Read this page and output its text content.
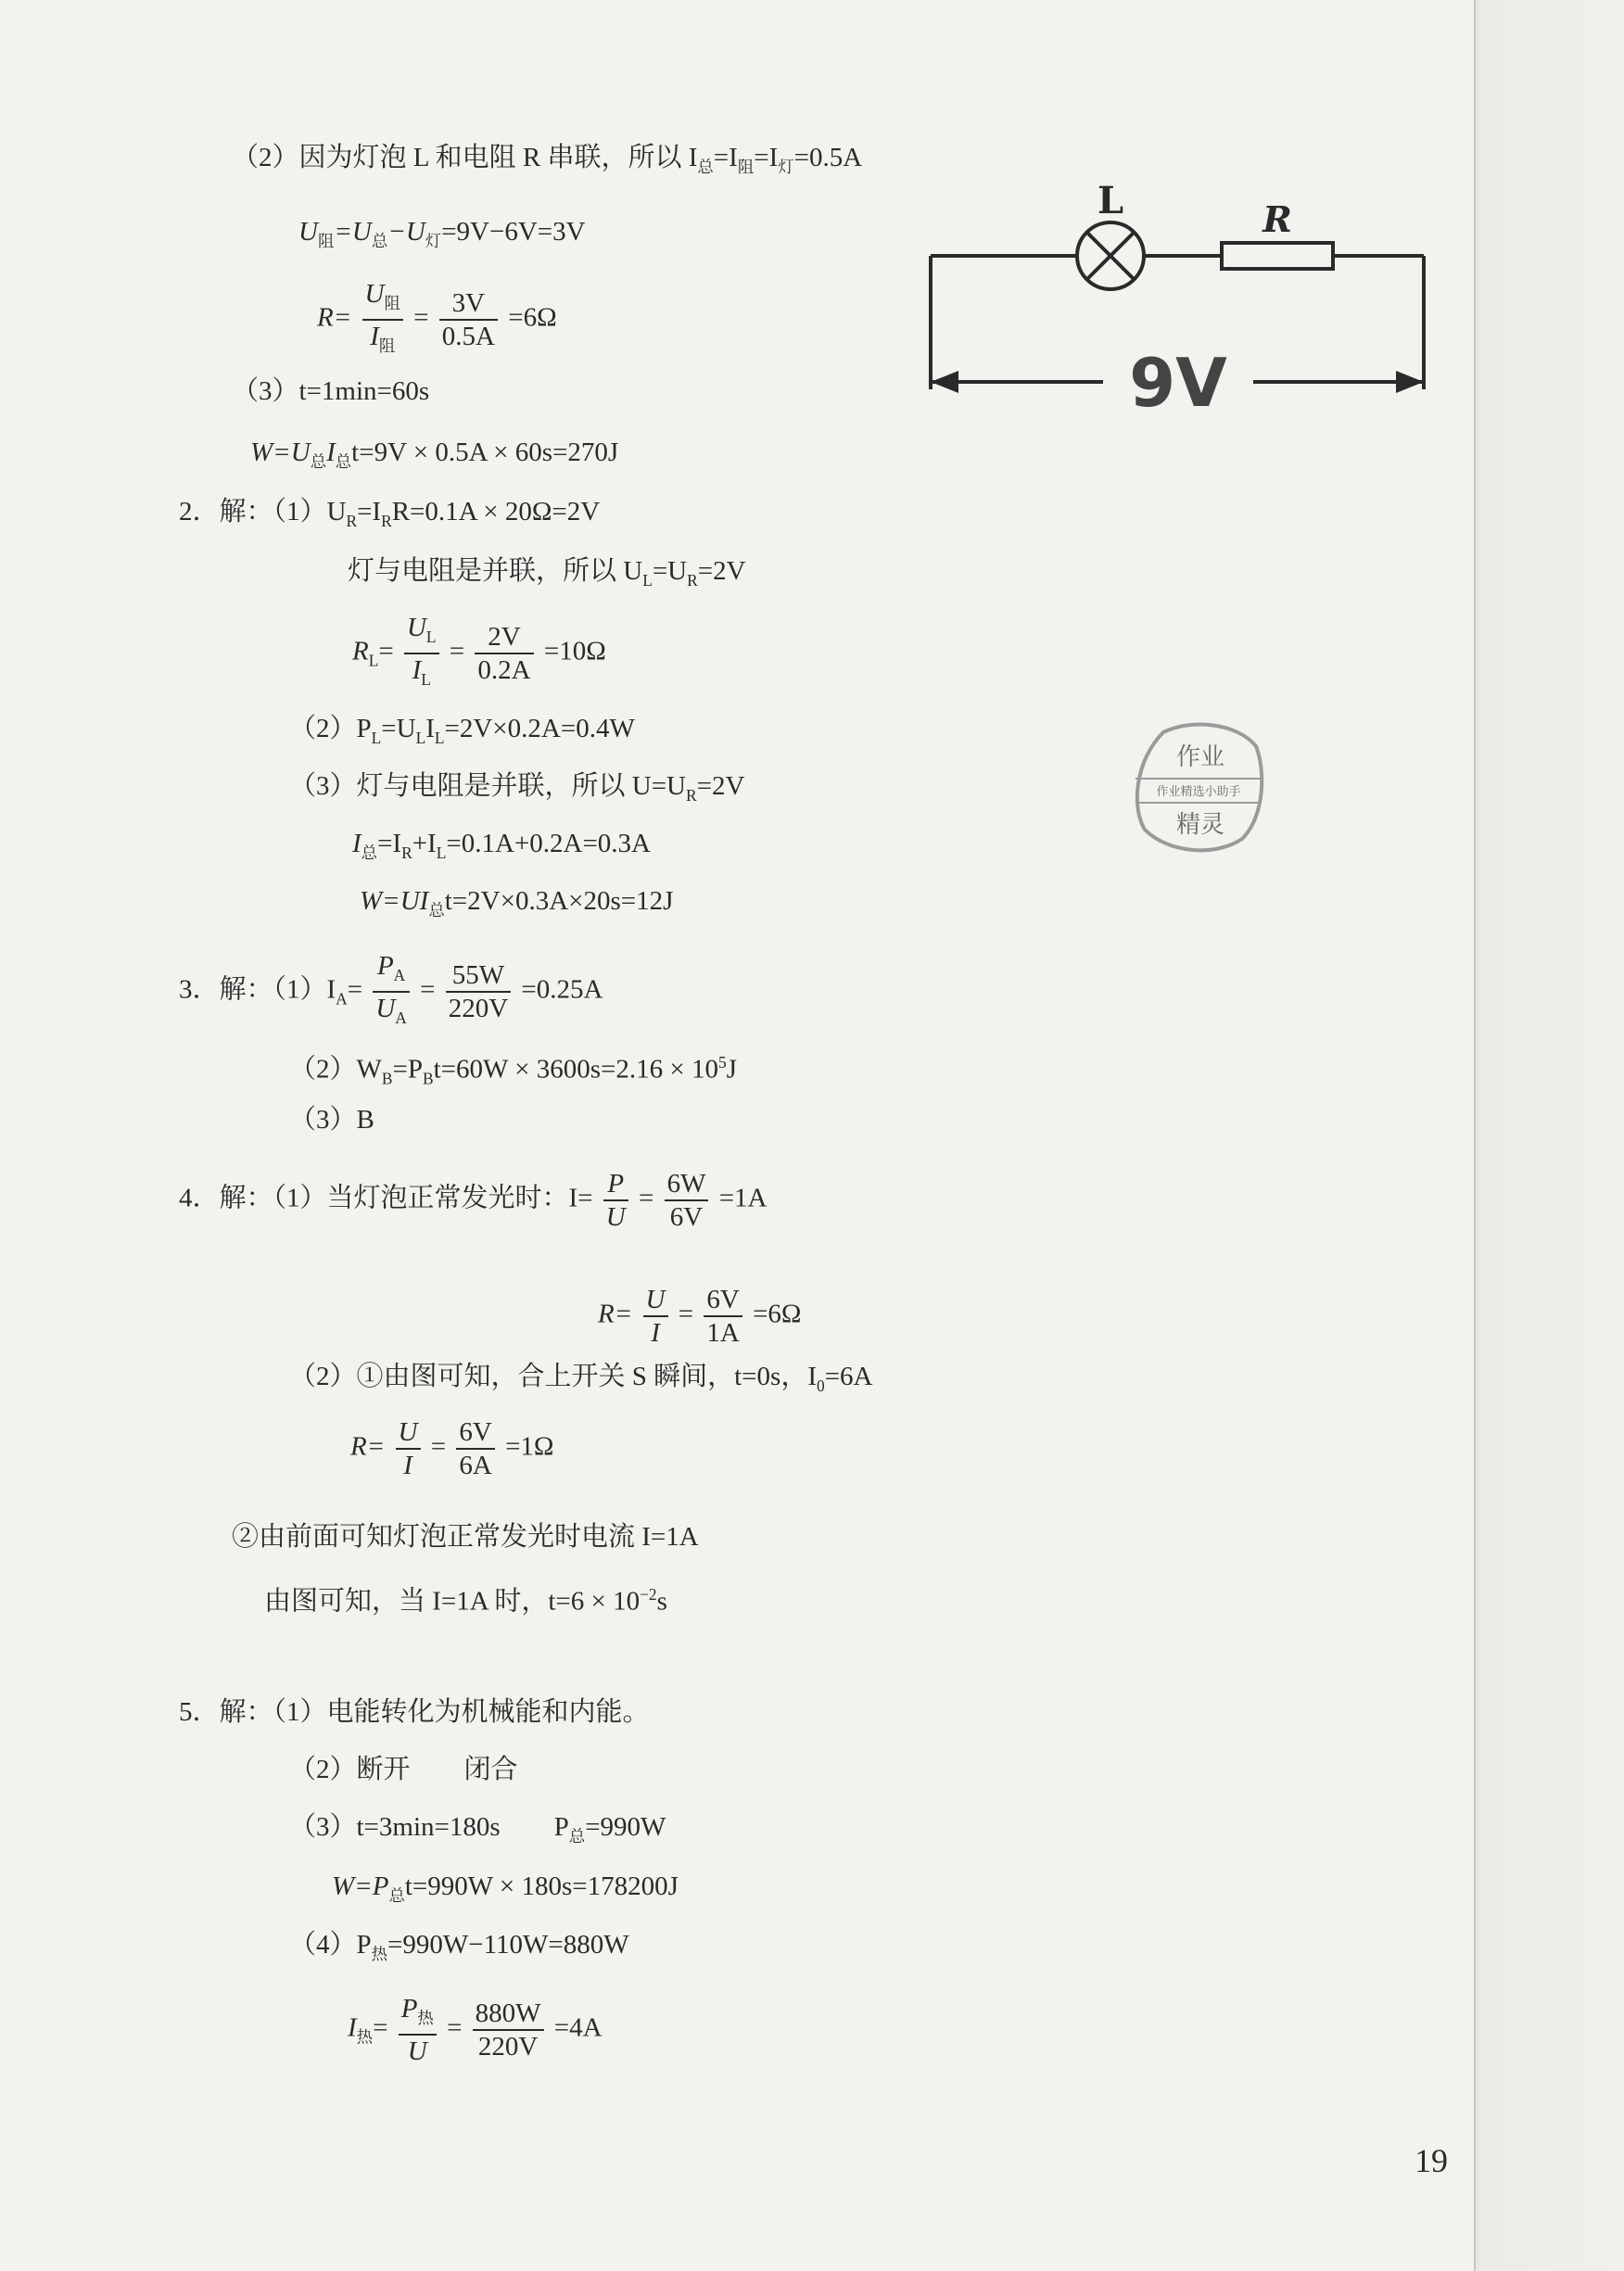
（2）因为灯泡 L 和电阻 R 串联，所以 $I_总=I_阻=I_灯=0.5A$
$U_阻=U_总-U_灯=9V-6V=3V$
$R= \frac{U_阻}{I_阻} = \frac{3V}{0.5A} =6\Omega$
（3）t=1min=60s
$W=U_总I_总t=9V \times 0.5A \times 60s=270J$
2．解：$(1)U_R=I_RR=0.1A \times 20\Omega=2V$
灯与电阻是并联，所以 $U_L=U_R=2V$
$R_L= \frac{U_L}{I_L} = \frac{2V}{0.2A} =10\Omega$
$(2)P_L=U_LI_L=2V\times 0.2A=0.4W$
（3）灯与电阻是并联，所以 $U=U_R=2V$
$I_总=I_R+I_L=0.1A+0.2A=0.3A$
$W=UI_总t=2V\times 0.3A\times 20s=12J$
3．解：$(1)I_A= \frac{P_A}{U_A} = \frac{55W}{220V} =0.25A$
$(2)W_B=P_Bt=60W \times 3600s=2.16 \times 10^5J$
（3）B
4．解：（1）当灯泡正常发光时：$I= \frac{P}{U} = \frac{6W}{6V} =1A$
$R= \frac{U}{I} = \frac{6V}{1A} =6\Omega$
（2）①由图可知，合上开关 S 瞬间，t=0s，$I_0=6A$
$R= \frac{U}{I} = \frac{6V}{6A} =1\Omega$
②由前面可知灯泡正常发光时电流 I=1A
由图可知，当 I=1A 时，$t=6 \times 10^{-2}s$
5．解：（1）电能转化为机械能和内能。
（2）断开　　闭合
（3）t=3min=180s　　$P_总=990W$
$W=P_总t=990W \times 180s=178200J$
$(4)P_热=990W-110W=880W$
$I_热= \frac{P_热}{U} = \frac{880W}{220V} =4A$
L	R
9V
作业
作业精选小助手
精灵
19
